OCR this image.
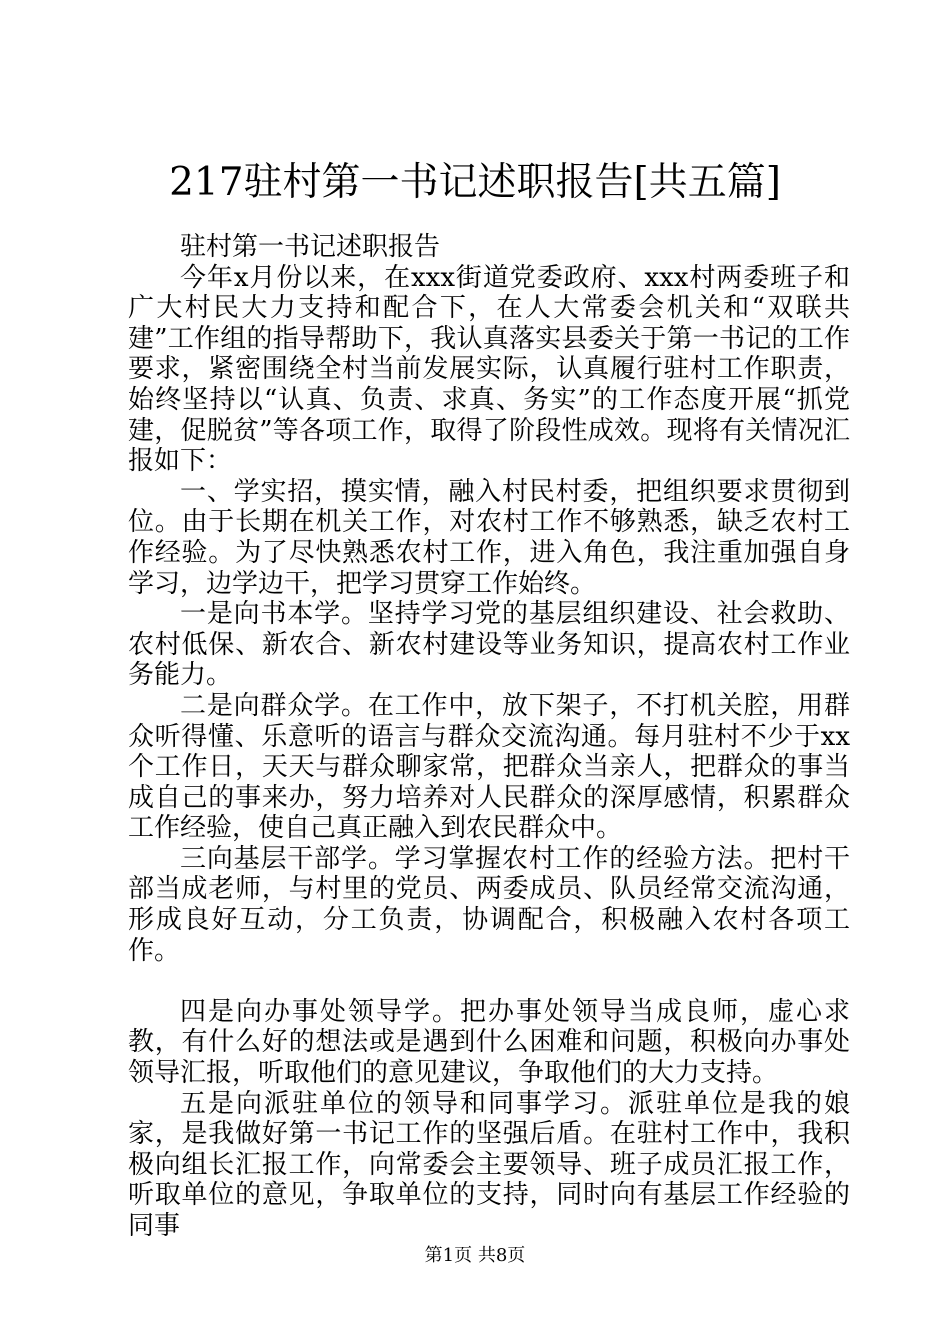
217驻村第一书记述职报告[共五篇]

驻村第一书记述职报告

今年x月份以来，在xxx街道党委政府、xxx村两委班子和广大村民大力支持和配合下，在人大常委会机关和“双联共建”工作组的指导帮助下，我认真落实县委关于第一书记的工作要求，紧密围绕全村当前发展实际，认真履行驻村工作职责，始终坚持以“认真、负责、求真、务实”的工作态度开展“抓党建，促脱贫”等各项工作，取得了阶段性成效。现将有关情况汇报如下：

一、学实招，摸实情，融入村民村委，把组织要求贯彻到位。由于长期在机关工作，对农村工作不够熟悉，缺乏农村工作经验。为了尽快熟悉农村工作，进入角色，我注重加强自身学习，边学边干，把学习贯穿工作始终。

一是向书本学。坚持学习党的基层组织建设、社会救助、农村低保、新农合、新农村建设等业务知识，提高农村工作业务能力。

二是向群众学。在工作中，放下架子，不打机关腔，用群众听得懂、乐意听的语言与群众交流沟通。每月驻村不少于xx个工作日，天天与群众聊家常，把群众当亲人，把群众的事当成自己的事来办，努力培养对人民群众的深厚感情，积累群众工作经验，使自己真正融入到农民群众中。

三向基层干部学。学习掌握农村工作的经验方法。把村干部当成老师，与村里的党员、两委成员、队员经常交流沟通，形成良好互动，分工负责，协调配合，积极融入农村各项工作。

四是向办事处领导学。把办事处领导当成良师，虚心求教，有什么好的想法或是遇到什么困难和问题，积极向办事处领导汇报，听取他们的意见建议，争取他们的大力支持。

五是向派驻单位的领导和同事学习。派驻单位是我的娘家，是我做好第一书记工作的坚强后盾。在驻村工作中，我积极向组长汇报工作，向常委会主要领导、班子成员汇报工作，听取单位的意见，争取单位的支持，同时向有基层工作经验的同事

第1页 共8页
